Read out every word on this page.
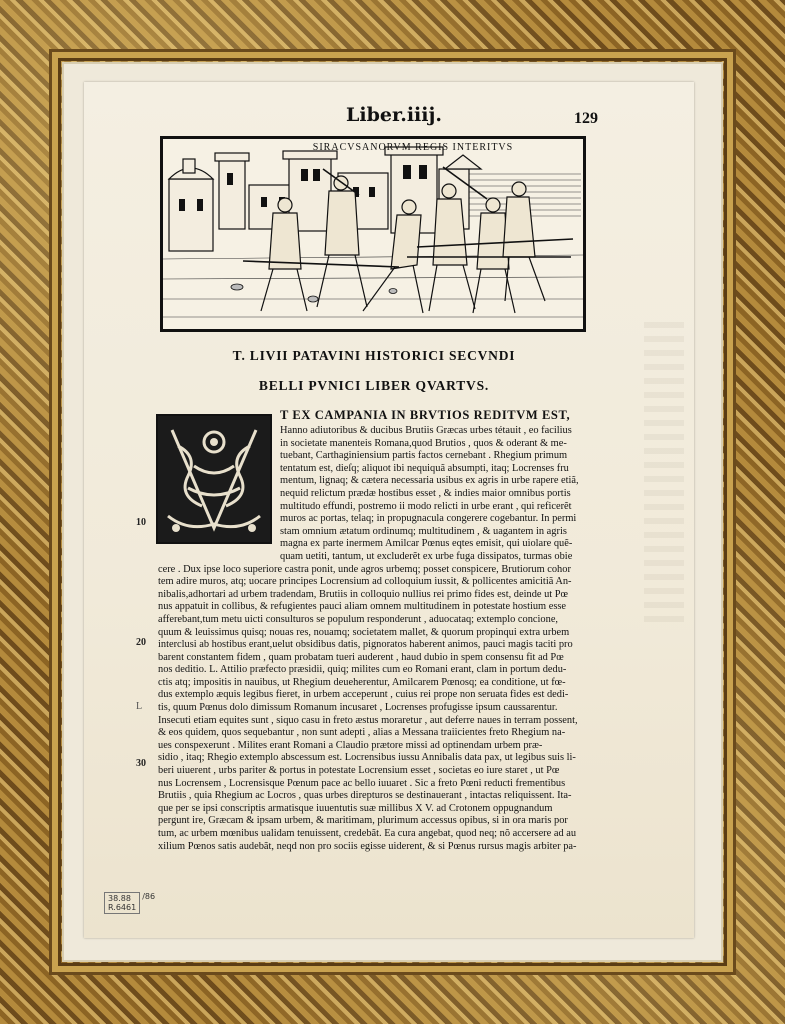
Liber.iiij.	129
SIRACVSANORVM REGIS INTERITVS
T. LIVII PATAVINI HISTORICI SECVNDI
BELLI PVNICI LIBER QVARTVS.
T EX CAMPANIA IN BRVTIOS REDITVM EST,
Hanno adiutoribus & ducibus Brutiis Græcas urbes tétauit , eo facilius
in societate manenteis Romana,quod Brutios , quos & oderant & me-
tuebant, Carthaginiensium partis factos cernebant . Rhegium primum
tentatum est, dieſq; aliquot ibi nequiquã absumpti, itaq; Locrenses fru
mentum, lignaq; & cætera necessaria usibus ex agris in urbe rapere etiã,
nequid relictum prædæ hostibus esset , & indies maior omnibus portis
multitudo effundi, postremo ii modo relicti in urbe erant , qui reficerẽt
muros ac portas, telaq; in propugnacula congerere cogebantur. In permi
stam omnium ætatum ordinumq; multitudinem , & uagantem in agris
magna ex parte inermem Amilcar Pœnus eqtes emisit, qui uiolare quẽ-
quam uetiti, tantum, ut excluderẽt ex urbe fuga dissipatos, turmas obie
cere . Dux ipse loco superiore castra ponit, unde agros urbemq; posset conspicere, Brutiorum cohor
tem adire muros, atq; uocare principes Locrensium ad colloquium iussit, & pollicentes amicitiã An-
nibalis,adhortari ad urbem tradendam, Brutiis in colloquio nullius rei primo fides est, deinde ut Pœ
nus appatuit in collibus, & refugientes pauci aliam omnem multitudinem in potestate hostium esse
afferebant,tum metu uicti consulturos se populum responderunt , aduocataq; extemplo concione,
quum & leuissimus quisq; nouas res, nouamq; societatem mallet, & quorum propinqui extra urbem
interclusi ab hostibus erant,uelut obsidibus datis, pignoratos haberent animos, pauci magis taciti pro
barent constantem fidem , quam probatam tueri auderent , haud dubio in spem consensu fit ad Pœ
nos deditio. L. Attilio præfecto præsidii, quiq; milites cum eo Romani erant, clam in portum dedu-
ctis atq; impositis in nauibus, ut Rhegium deueherentur, Amilcarem Pœnosq; ea conditione, ut fœ-
dus extemplo æquis legibus fieret, in urbem acceperunt , cuius rei prope non seruata fides est dedi-
tis, quum Pœnus dolo dimissum Romanum incusaret , Locrenses profugisse ipsum caussarentur.
Insecuti etiam equites sunt , siquo casu in freto æstus moraretur , aut deferre naues in terram possent,
& eos quidem, quos sequebantur , non sunt adepti , alias a Messana traiicientes freto Rhegium na-
ues conspexerunt . Milites erant Romani a Claudio prætore missi ad optinendam urbem præ-
sidio , itaq; Rhegio extemplo abscessum est. Locrensibus iussu Annibalis data pax, ut legibus suis li-
beri uiuerent , urbs pariter & portus in potestate Locrensium esset , societas eo iure staret , ut Pœ
nus Locrensem , Locrensisque Pœnum pace ac bello iuuaret . Sic a freto Pœni reducti frementibus
Brutiis , quia Rhegium ac Locros , quas urbes direpturos se destinauerant , intactas reliquissent. Ita-
que per se ipsi conscriptis armatisque iuuentutis suæ millibus X V. ad Crotonem oppugnandum
pergunt ire, Græcam & ipsam urbem, & maritimam, plurimum accessus opibus, si in ora maris por
tum, ac urbem mœnibus ualidam tenuissent, credebãt. Ea cura angebat, quod neq; nõ accersere ad au
xilium Pœnos satis audebãt, neqd non pro sociis egisse uiderent, & si Pœnus rursus magis arbiter pa-
10
20
L
30
38.88
R.6461/86
